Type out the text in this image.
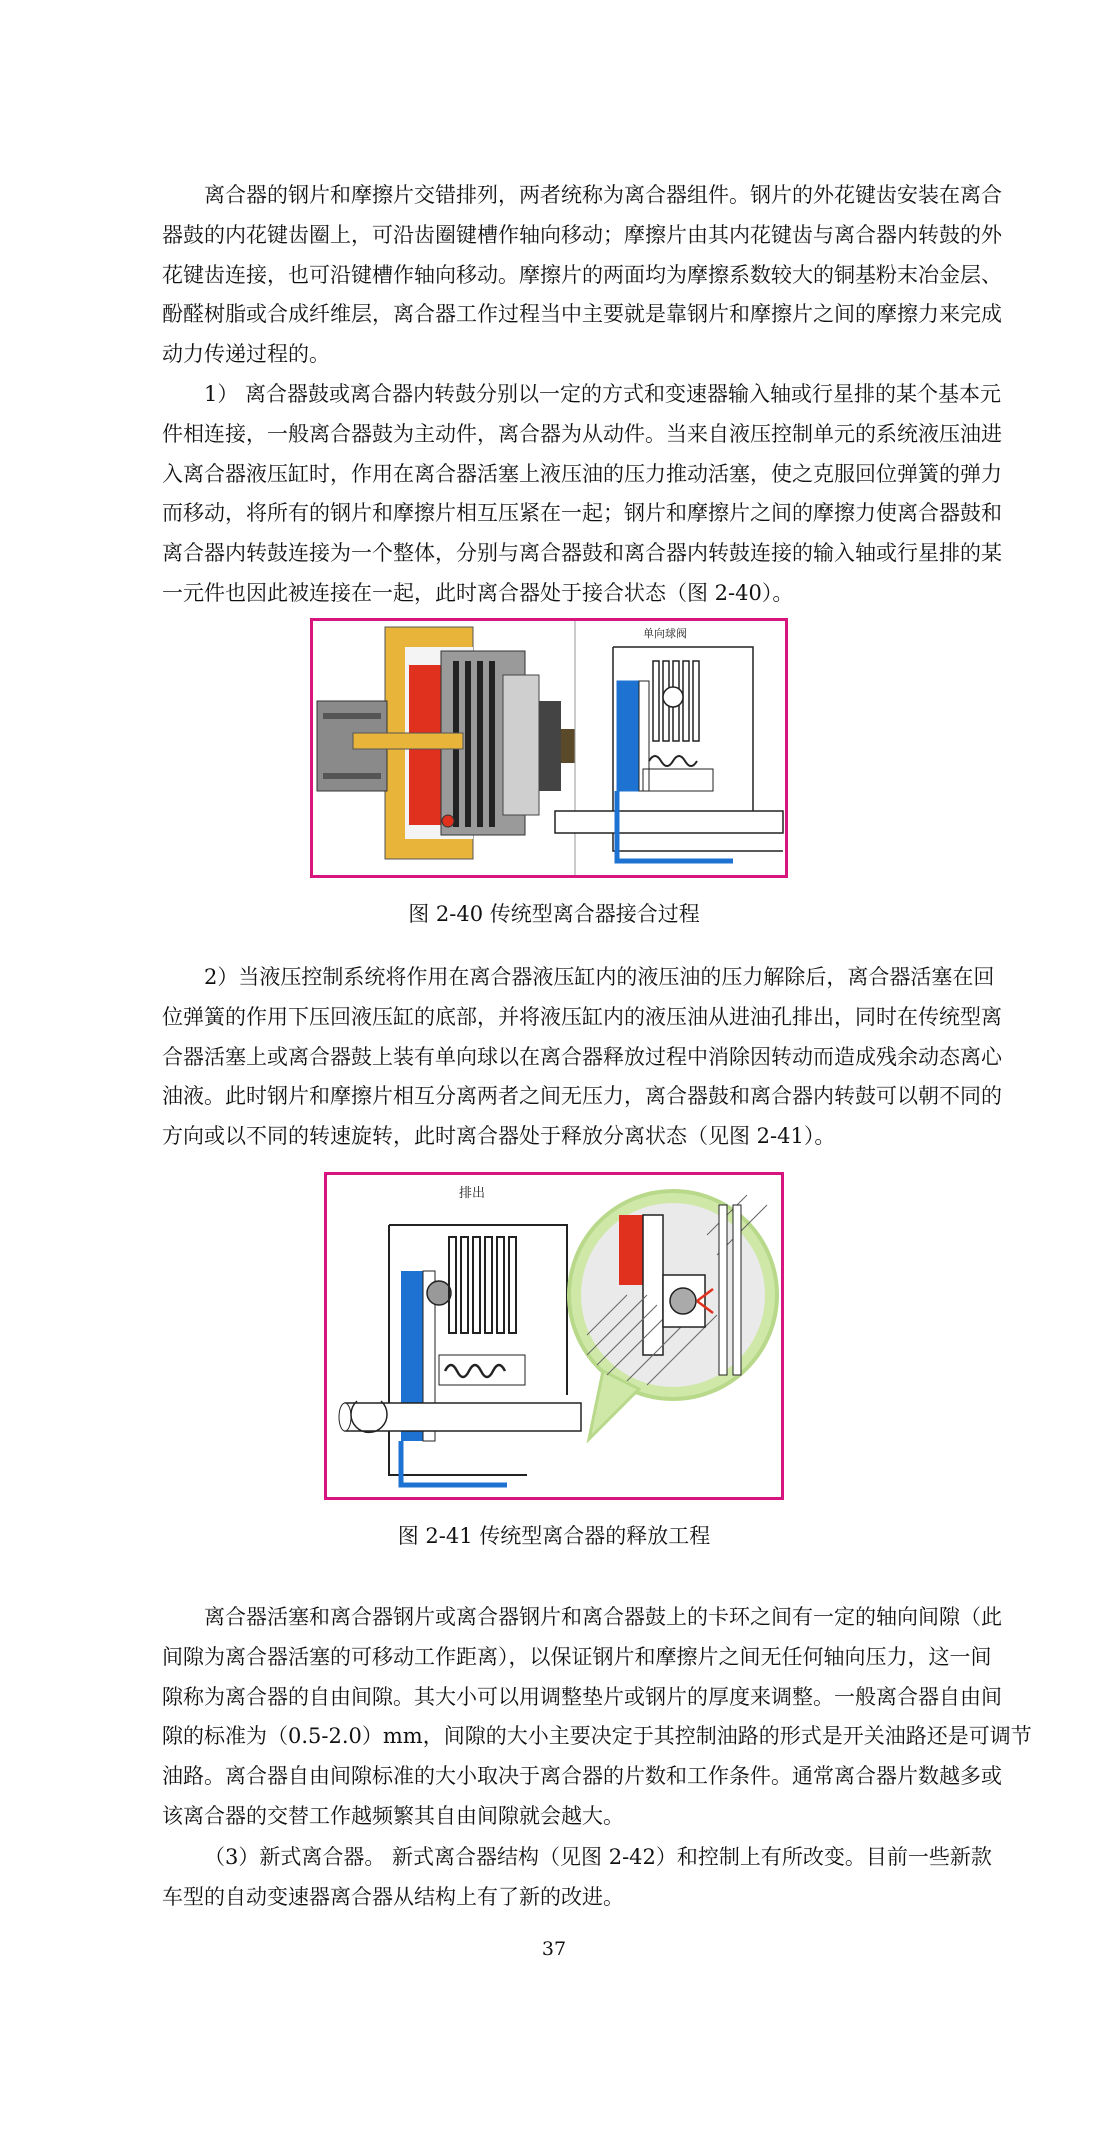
离合器的钢片和摩擦片交错排列，两者统称为离合器组件。钢片的外花键齿安装在离合
器鼓的内花键齿圈上，可沿齿圈键槽作轴向移动；摩擦片由其内花键齿与离合器内转鼓的外
花键齿连接，也可沿键槽作轴向移动。摩擦片的两面均为摩擦系数较大的铜基粉末冶金层、
酚醛树脂或合成纤维层，离合器工作过程当中主要就是靠钢片和摩擦片之间的摩擦力来完成
动力传递过程的。
1） 离合器鼓或离合器内转鼓分别以一定的方式和变速器输入轴或行星排的某个基本元
件相连接，一般离合器鼓为主动件，离合器为从动件。当来自液压控制单元的系统液压油进
入离合器液压缸时，作用在离合器活塞上液压油的压力推动活塞，使之克服回位弹簧的弹力
而移动，将所有的钢片和摩擦片相互压紧在一起；钢片和摩擦片之间的摩擦力使离合器鼓和
离合器内转鼓连接为一个整体，分别与离合器鼓和离合器内转鼓连接的输入轴或行星排的某
一元件也因此被连接在一起，此时离合器处于接合状态（图 2-40）。
单向球阀
图 2-40 传统型离合器接合过程
2）当液压控制系统将作用在离合器液压缸内的液压油的压力解除后，离合器活塞在回
位弹簧的作用下压回液压缸的底部，并将液压缸内的液压油从进油孔排出，同时在传统型离
合器活塞上或离合器鼓上装有单向球以在离合器释放过程中消除因转动而造成残余动态离心
油液。此时钢片和摩擦片相互分离两者之间无压力，离合器鼓和离合器内转鼓可以朝不同的
方向或以不同的转速旋转，此时离合器处于释放分离状态（见图 2-41）。
排出
图 2-41 传统型离合器的释放工程
离合器活塞和离合器钢片或离合器钢片和离合器鼓上的卡环之间有一定的轴向间隙（此
间隙为离合器活塞的可移动工作距离），以保证钢片和摩擦片之间无任何轴向压力，这一间
隙称为离合器的自由间隙。其大小可以用调整垫片或钢片的厚度来调整。一般离合器自由间
隙的标准为（0.5-2.0）mm，间隙的大小主要决定于其控制油路的形式是开关油路还是可调节
油路。离合器自由间隙标准的大小取决于离合器的片数和工作条件。通常离合器片数越多或
该离合器的交替工作越频繁其自由间隙就会越大。
（3）新式离合器。 新式离合器结构（见图 2-42）和控制上有所改变。目前一些新款
车型的自动变速器离合器从结构上有了新的改进。
37
